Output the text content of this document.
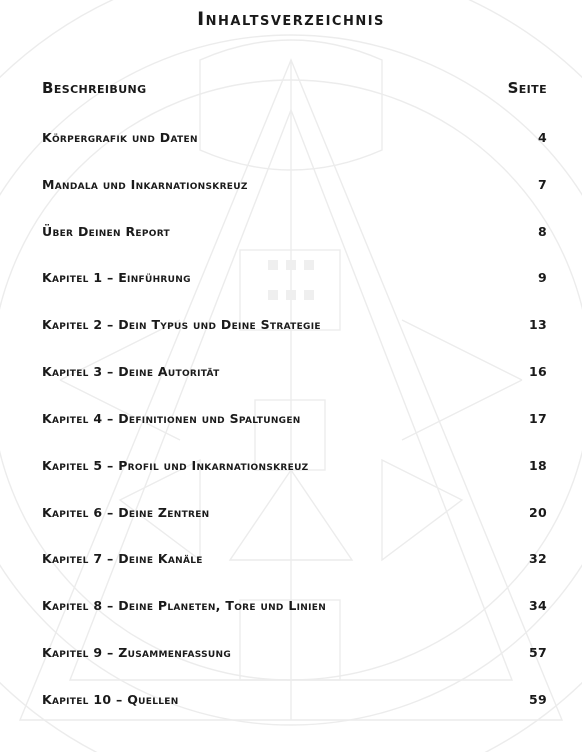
Inhaltsverzeichnis
Beschreibung	Seite
Körpergrafik und Daten	4
Mandala und Inkarnationskreuz	7
Über Deinen Report	8
Kapitel 1 – Einführung	9
Kapitel 2 – Dein Typus und Deine Strategie	13
Kapitel 3 – Deine Autorität	16
Kapitel 4 – Definitionen und Spaltungen	17
Kapitel 5 – Profil und Inkarnationskreuz	18
Kapitel 6 – Deine Zentren	20
Kapitel 7 – Deine Kanäle	32
Kapitel 8 – Deine Planeten, Tore und Linien	34
Kapitel 9 – Zusammenfassung	57
Kapitel 10 – Quellen	59
